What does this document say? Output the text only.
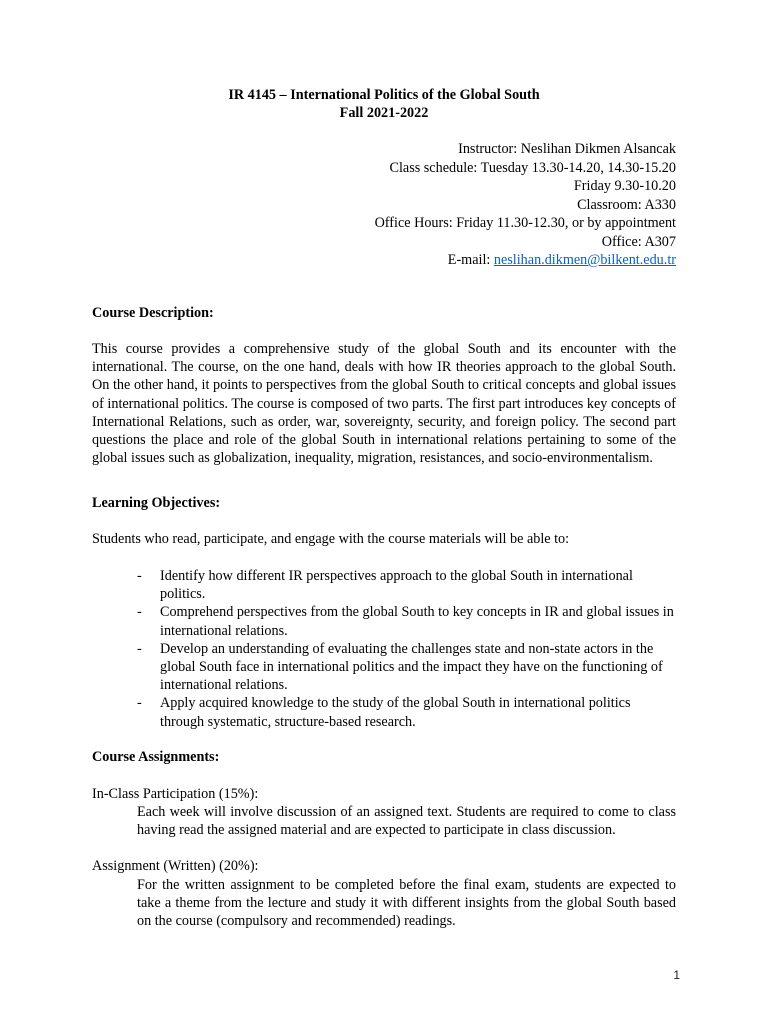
IR 4145 – International Politics of the Global South
Fall 2021-2022
Instructor: Neslihan Dikmen Alsancak
Class schedule: Tuesday 13.30-14.20, 14.30-15.20
Friday 9.30-10.20
Classroom: A330
Office Hours: Friday 11.30-12.30, or by appointment
Office: A307
E-mail: neslihan.dikmen@bilkent.edu.tr
Course Description:
This course provides a comprehensive study of the global South and its encounter with the international. The course, on the one hand, deals with how IR theories approach to the global South. On the other hand, it points to perspectives from the global South to critical concepts and global issues of international politics. The course is composed of two parts. The first part introduces key concepts of International Relations, such as order, war, sovereignty, security, and foreign policy. The second part questions the place and role of the global South in international relations pertaining to some of the global issues such as globalization, inequality, migration, resistances, and socio-environmentalism.
Learning Objectives:
Students who read, participate, and engage with the course materials will be able to:
- Identify how different IR perspectives approach to the global South in international politics.
- Comprehend perspectives from the global South to key concepts in IR and global issues in international relations.
- Develop an understanding of evaluating the challenges state and non-state actors in the global South face in international politics and the impact they have on the functioning of international relations.
- Apply acquired knowledge to the study of the global South in international politics through systematic, structure-based research.
Course Assignments:
In-Class Participation (15%):
Each week will involve discussion of an assigned text. Students are required to come to class having read the assigned material and are expected to participate in class discussion.
Assignment (Written) (20%):
For the written assignment to be completed before the final exam, students are expected to take a theme from the lecture and study it with different insights from the global South based on the course (compulsory and recommended) readings.
1
